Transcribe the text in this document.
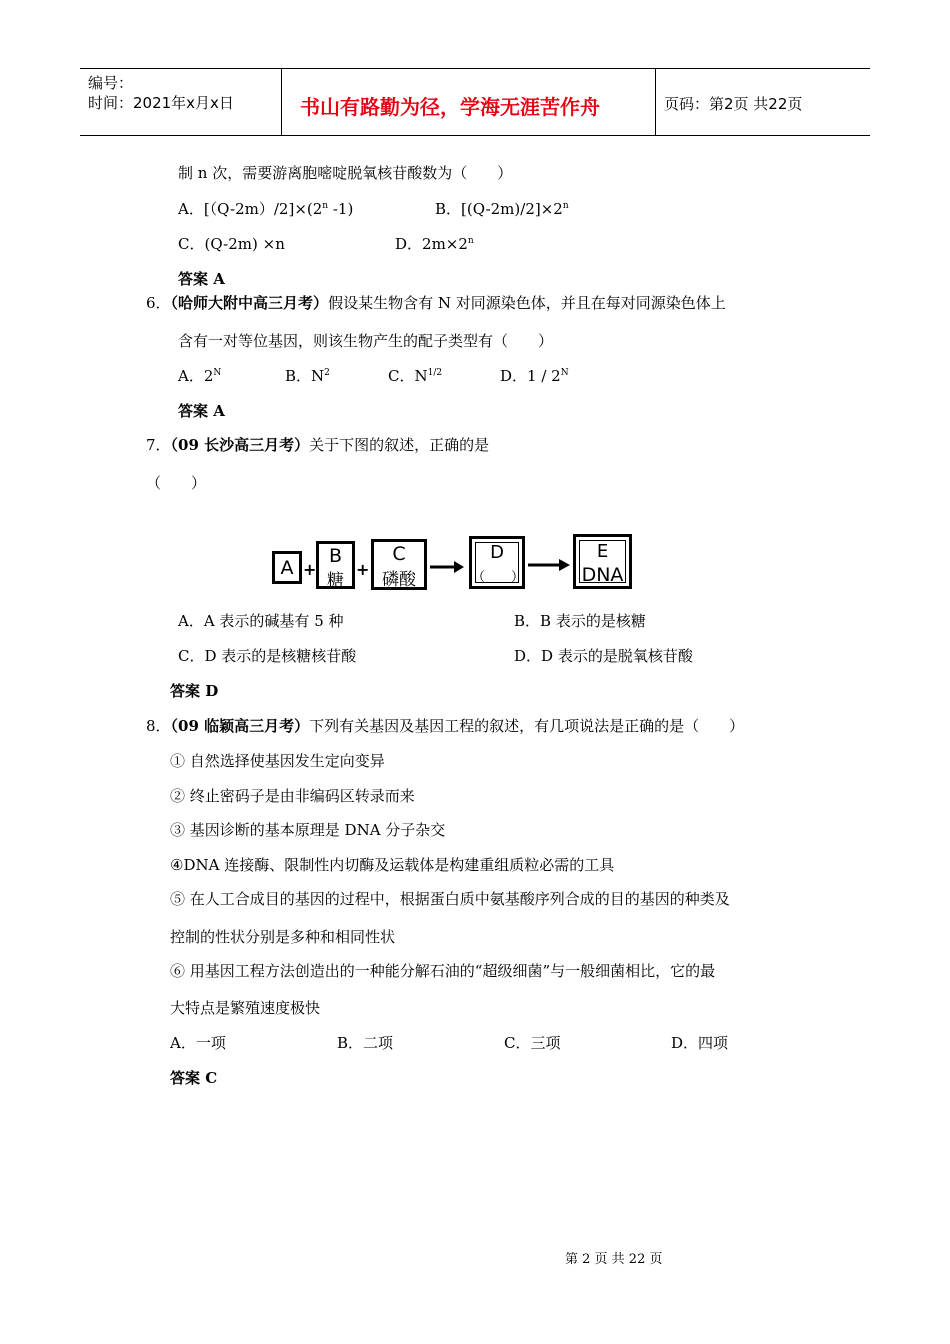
编号：
时间：2021年x月x日	书山有路勤为径，学海无涯苦作舟	页码：第2页 共22页
制 n 次，需要游离胞嘧啶脱氧核苷酸数为（　　）
A．$[(Q-2m)/2]\times(2^n$ -1)	B．$[(Q-2m)/2]\times 2^n$
C．(Q-2m) ×n	D．$2m\times 2^n$
答案 A
6．（哈师大附中高三月考）假设某生物含有 N 对同源染色体，并且在每对同源染色体上
含有一对等位基因，则该生物产生的配子类型有（　　）
A．$2^N$	B．$N^2$	C．$N^{1/2}$	D．$1 / 2^N$
答案 A
7．（09 长沙高三月考）关于下图的叙述，正确的是
（　　）
A +
B
糖
+
C
磷酸
D
（　　）
E
DNA
A．A 表示的碱基有 5 种	B．B 表示的是核糖
C．D 表示的是核糖核苷酸	D．D 表示的是脱氧核苷酸
答案 D
8．（09 临颖高三月考）下列有关基因及基因工程的叙述，有几项说法是正确的是（　　）
① 自然选择使基因发生定向变异
② 终止密码子是由非编码区转录而来
③ 基因诊断的基本原理是 DNA 分子杂交
④DNA 连接酶、限制性内切酶及运载体是构建重组质粒必需的工具
⑤ 在人工合成目的基因的过程中，根据蛋白质中氨基酸序列合成的目的基因的种类及
控制的性状分别是多种和相同性状
⑥ 用基因工程方法创造出的一种能分解石油的“超级细菌”与一般细菌相比，它的最
大特点是繁殖速度极快
A．一项	B．二项	C．三项	D．四项
答案 C
第 2 页 共 22 页
